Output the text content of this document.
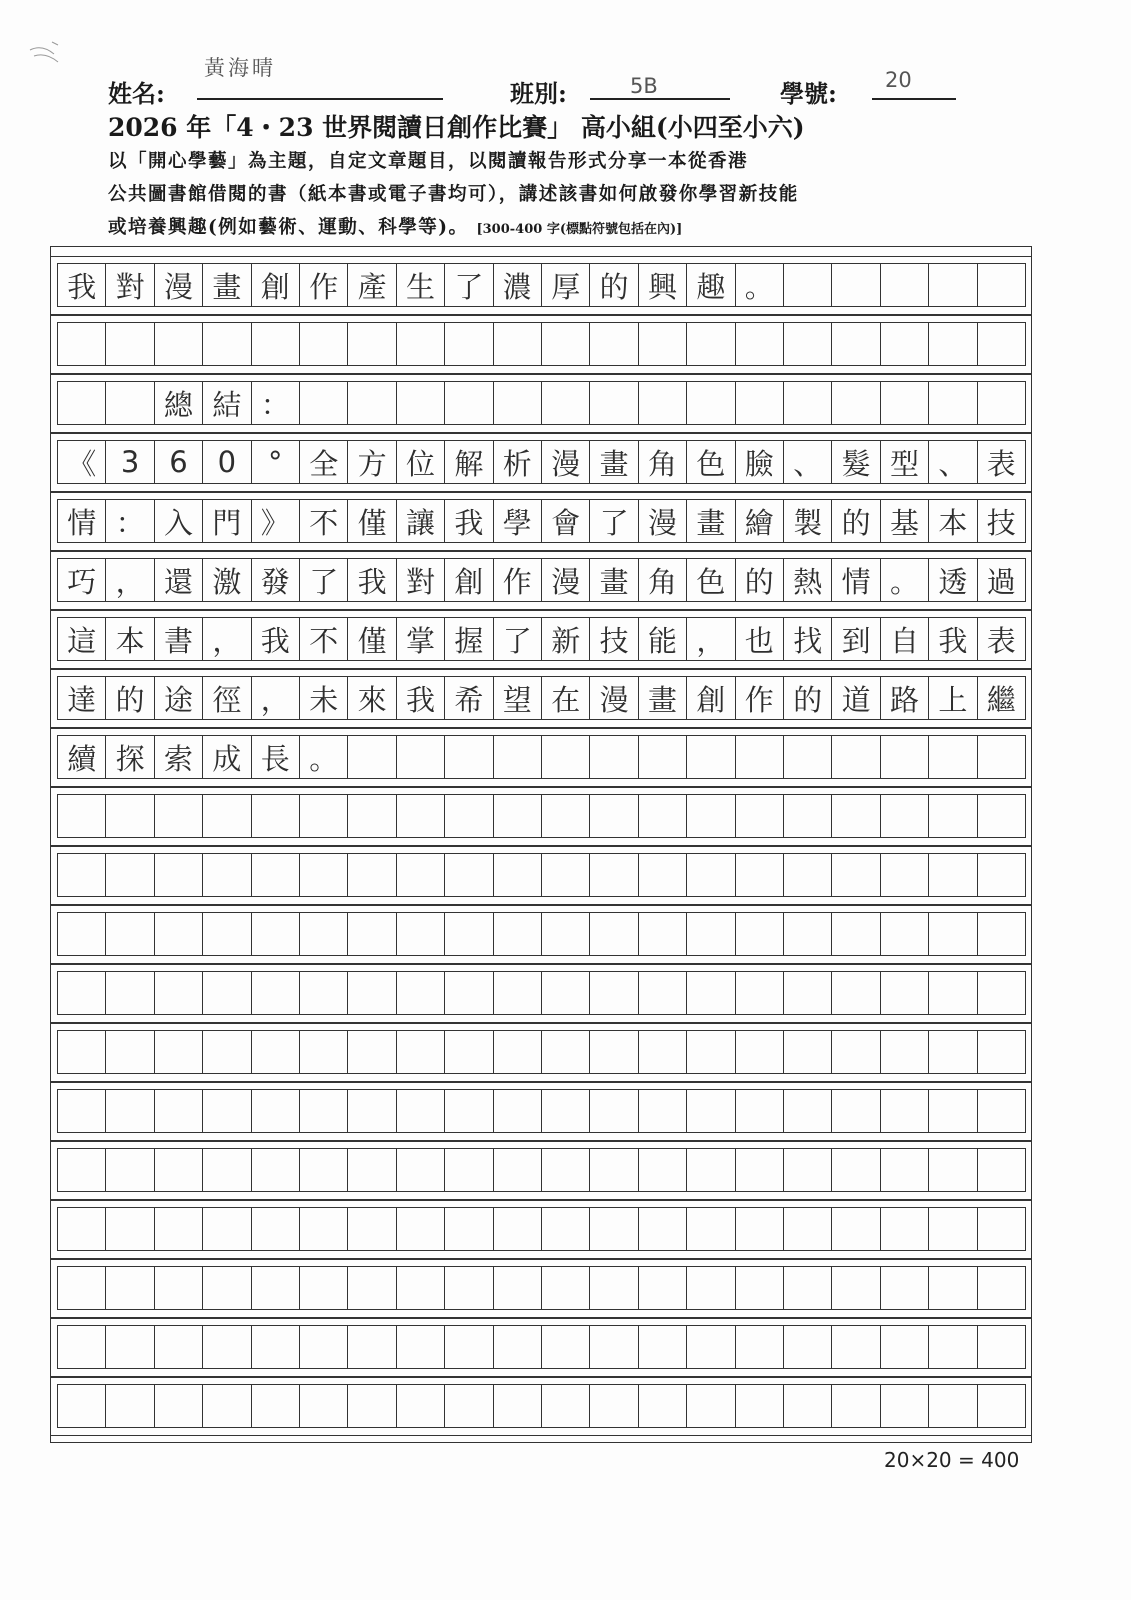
姓名:
黃海晴
班別:	5B	學號: 20
2026 年「4・23 世界閱讀日創作比賽」 高小組(小四至小六)
以「開心學藝」為主題，自定文章題目，以閱讀報告形式分享一本從香港
公共圖書館借閱的書（紙本書或電子書均可），講述該書如何啟發你學習新技能
或培養興趣(例如藝術、運動、科學等)。 [300-400 字(標點符號包括在內)]
我 對 漫 畫 創 作 產 生 了 濃 厚 的 興 趣 。
總 結 ：
《 3	6	0	° 全 方 位 解 析 漫 畫 角 色 臉 、 髮 型 、 表
情 ： 入 門 》 不 僅 讓 我 學 會 了 漫 畫 繪 製 的 基 本 技
巧 ， 還 激 發 了 我 對 創 作 漫 畫 角 色 的 熱 情 。 透 過
這 本 書 ， 我 不 僅 掌 握 了 新 技 能 ， 也 找 到 自 我 表
達 的 途 徑 ， 未 來 我 希 望 在 漫 畫 創 作 的 道 路 上 繼
續 探 索 成 長 。
20×20 = 400
